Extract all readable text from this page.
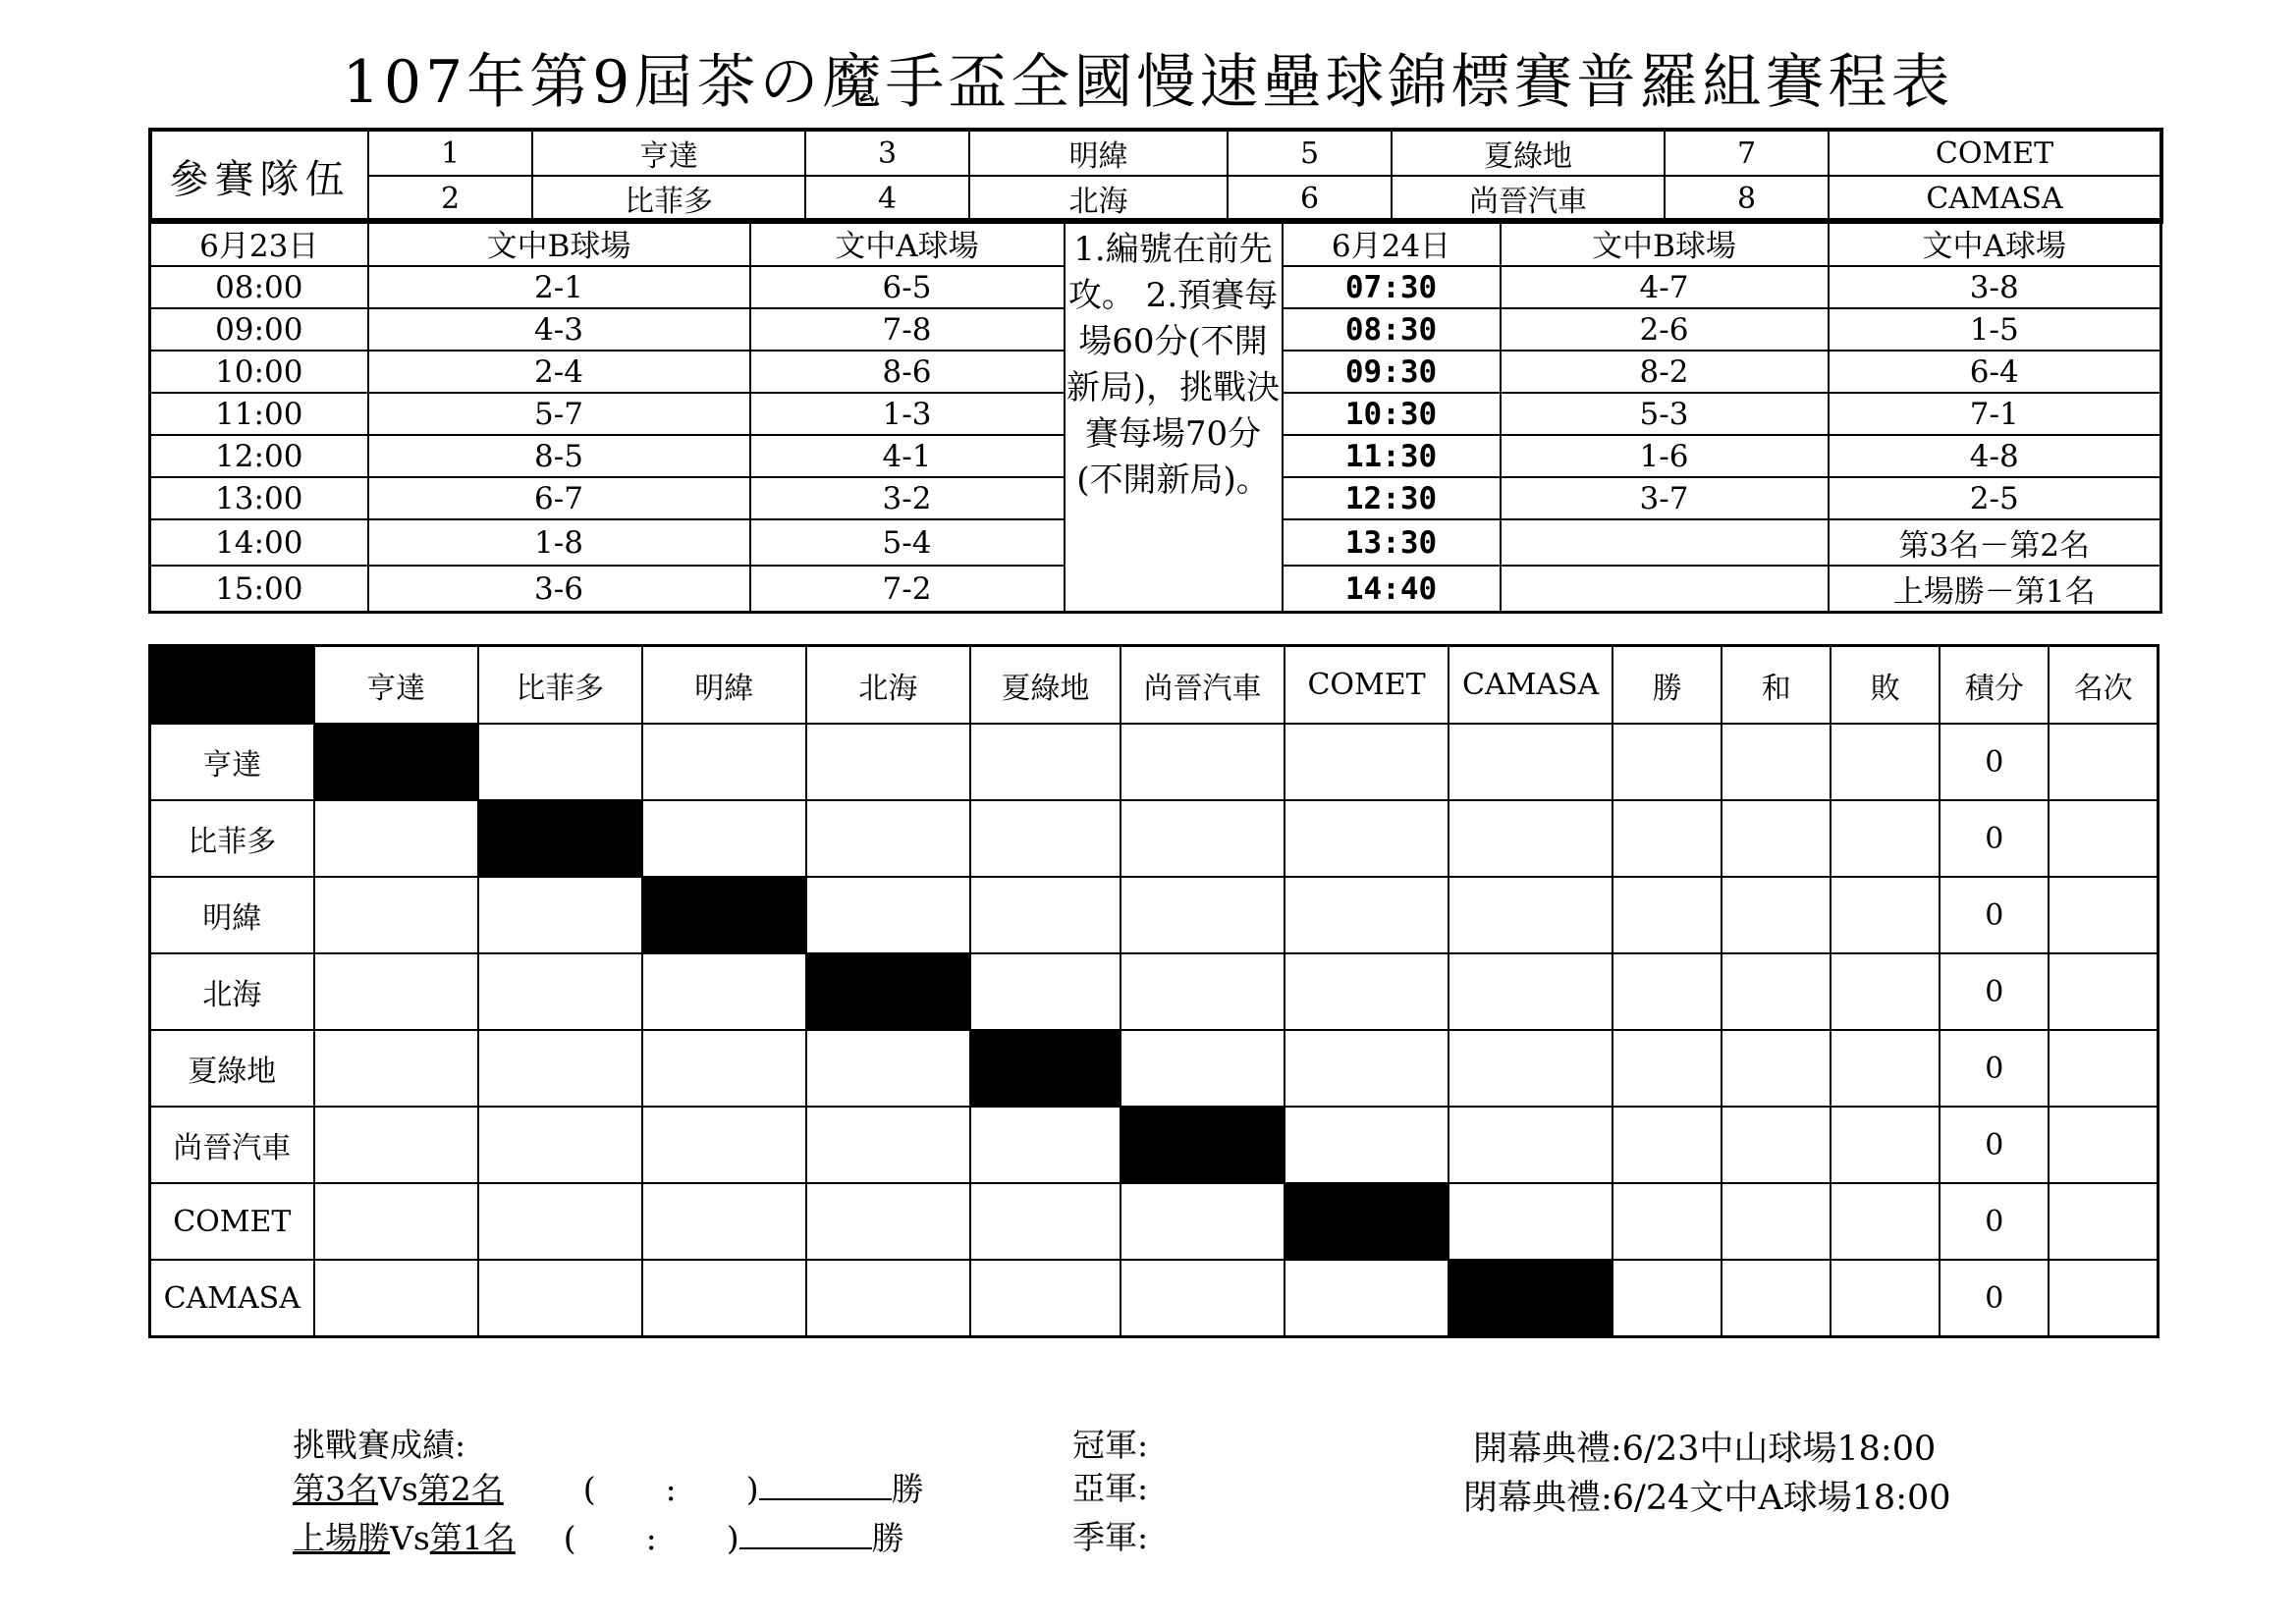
107年第9屆茶の魔手盃全國慢速壘球錦標賽普羅組賽程表
參賽隊伍	1	亨達	3	明緯	5	夏綠地	7	COMET
	2	比菲多	4	北海	6	尚晉汽車	8	CAMASA
6月23日	文中B球場	文中A球場	1.編號在前先攻。 2.預賽每場60分(不開新局)，挑戰決賽每場70分(不開新局)。	6月24日	文中B球場	文中A球場
08:00	2-1	6-5		07:30	4-7	3-8
09:00	4-3	7-8		08:30	2-6	1-5
10:00	2-4	8-6		09:30	8-2	6-4
11:00	5-7	1-3		10:30	5-3	7-1
12:00	8-5	4-1		11:30	1-6	4-8
13:00	6-7	3-2		12:30	3-7	2-5
14:00	1-8	5-4		13:30		第3名－第2名
15:00	3-6	7-2		14:40		上場勝－第1名
	亨達	比菲多	明緯	北海	夏綠地	尚晉汽車	COMET	CAMASA	勝	和	敗	積分	名次
亨達												0	
比菲多												0	
明緯												0	
北海												0	
夏綠地												0	
尚晉汽車												0	
COMET												0	
CAMASA												0	
挑戰賽成績:
第3名Vs第2名 ( : )	勝
上場勝Vs第1名 ( : )	勝
冠軍:
亞軍:
季軍:
開幕典禮:6/23中山球場18:00
閉幕典禮:6/24文中A球場18:00
